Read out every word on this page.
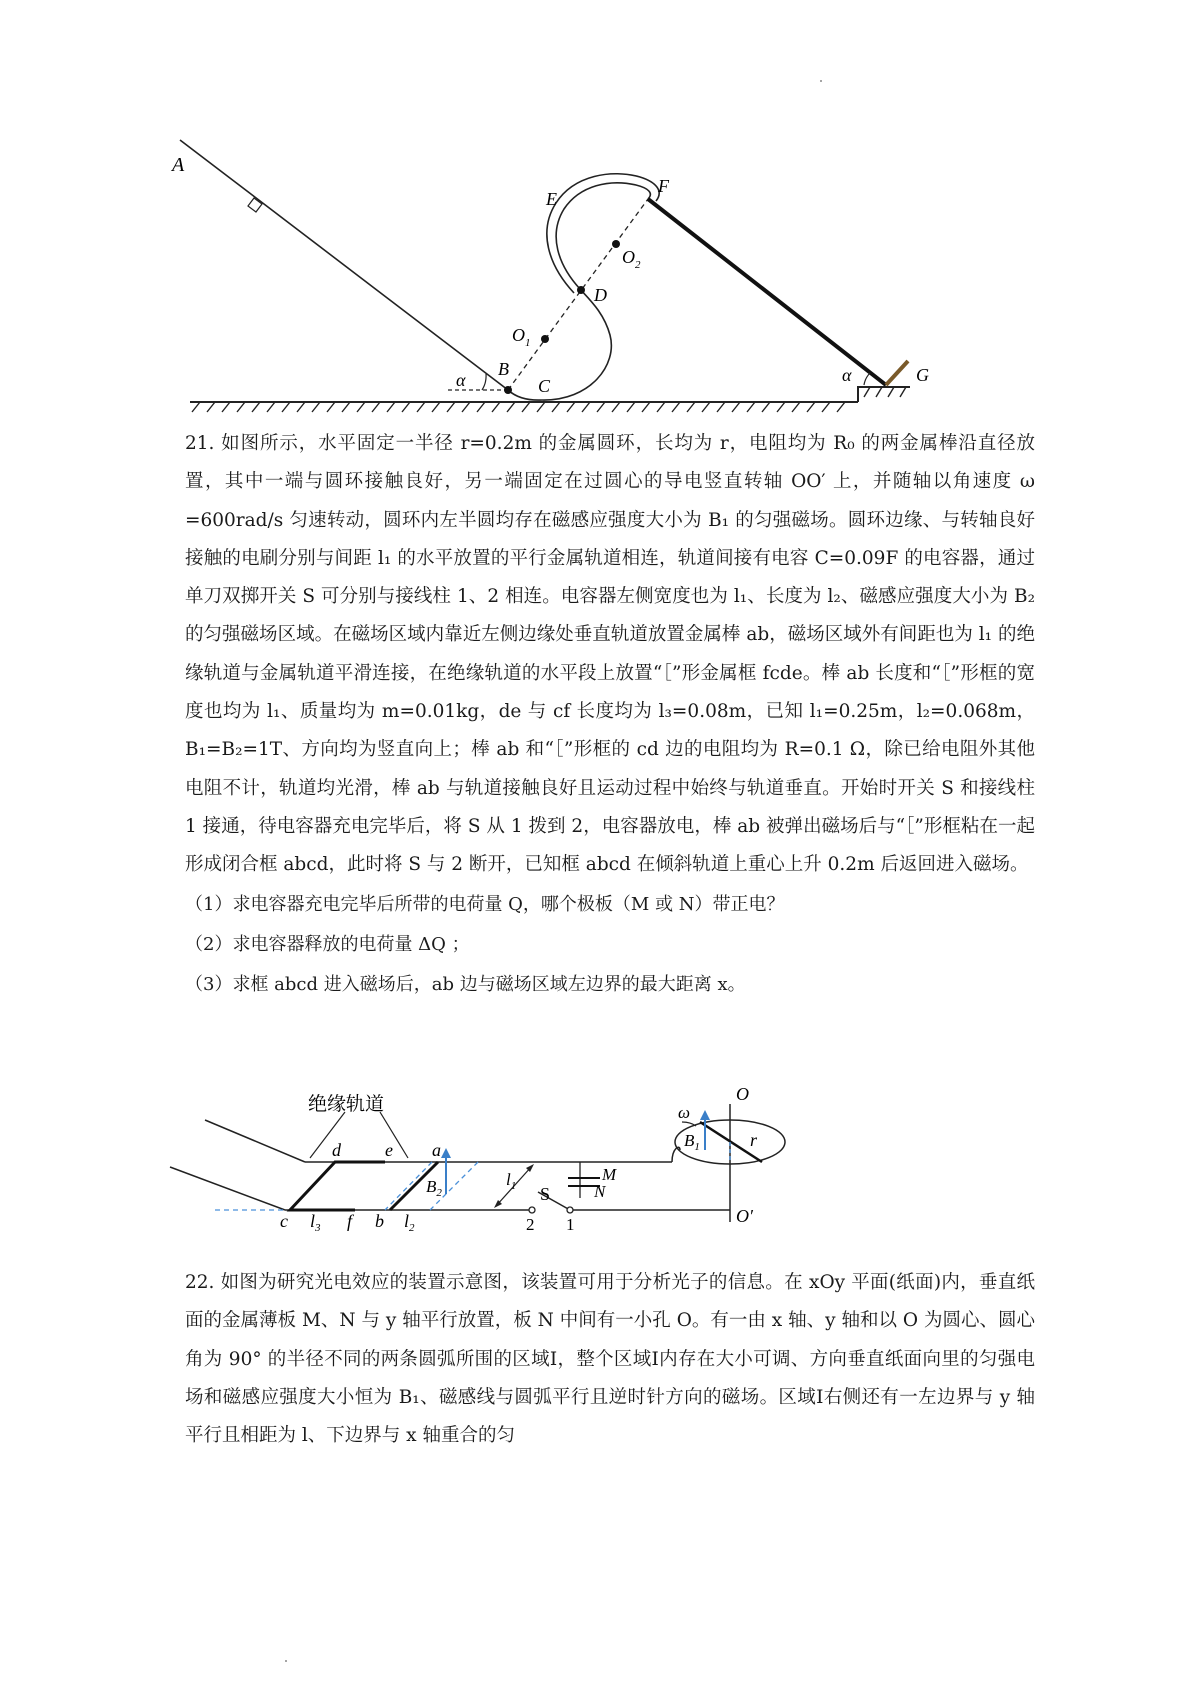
A
B
C
D
E
F
G
$O_1$
$O_2$
α	α

21. 如图所示，水平固定一半径 r=0.2m 的金属圆环，长均为 r，电阻均为 R₀ 的两金属棒沿直径放置，其中一端与圆环接触良好，另一端固定在过圆心的导电竖直转轴 OO′ 上，并随轴以角速度 ω =600rad/s 匀速转动，圆环内左半圆均存在磁感应强度大小为 B₁ 的匀强磁场。圆环边缘、与转轴良好接触的电刷分别与间距 l₁ 的水平放置的平行金属轨道相连，轨道间接有电容 C=0.09F 的电容器，通过单刀双掷开关 S 可分别与接线柱 1、2 相连。电容器左侧宽度也为 l₁、长度为 l₂、磁感应强度大小为 B₂ 的匀强磁场区域。在磁场区域内靠近左侧边缘处垂直轨道放置金属棒 ab，磁场区域外有间距也为 l₁ 的绝缘轨道与金属轨道平滑连接，在绝缘轨道的水平段上放置“［”形金属框 fcde。棒 ab 长度和“［”形框的宽度也均为 l₁、质量均为 m=0.01kg，de 与 cf 长度均为 l₃=0.08m，已知 l₁=0.25m，l₂=0.068m，B₁=B₂=1T、方向均为竖直向上；棒 ab 和“［”形框的 cd 边的电阻均为 R=0.1 Ω，除已给电阻外其他电阻不计，轨道均光滑，棒 ab 与轨道接触良好且运动过程中始终与轨道垂直。开始时开关 S 和接线柱 1 接通，待电容器充电完毕后，将 S 从 1 拨到 2，电容器放电，棒 ab 被弹出磁场后与“［”形框粘在一起形成闭合框 abcd，此时将 S 与 2 断开，已知框 abcd 在倾斜轨道上重心上升 0.2m 后返回进入磁场。

（1）求电容器充电完毕后所带的电荷量 Q，哪个极板（M 或 N）带正电？

（2）求电容器释放的电荷量 ΔQ ；

（3）求框 abcd 进入磁场后，ab 边与磁场区域左边界的最大距离 x。

绝缘轨道
d e a
c $l_3$ f b $l_2$
$B_2$
$l_1$ S
M
N
2 1
O
O′
ω
$B_1$	r

22. 如图为研究光电效应的装置示意图，该装置可用于分析光子的信息。在 xOy 平面(纸面)内，垂直纸面的金属薄板 M、N 与 y 轴平行放置，板 N 中间有一小孔 O。有一由 x 轴、y 轴和以 O 为圆心、圆心角为 90° 的半径不同的两条圆弧所围的区域Ⅰ，整个区域Ⅰ内存在大小可调、方向垂直纸面向里的匀强电场和磁感应强度大小恒为 B₁、磁感线与圆弧平行且逆时针方向的磁场。区域Ⅰ右侧还有一左边界与 y 轴平行且相距为 l、下边界与 x 轴重合的匀
